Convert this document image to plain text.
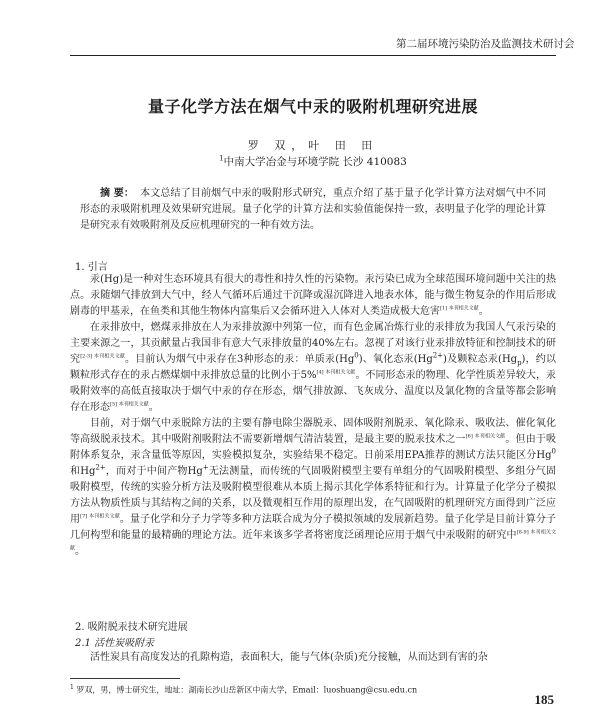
第二届环境污染防治及监测技术研讨会
量子化学方法在烟气中汞的吸附机理研究进展
罗 双，叶 田 田
$^1$中南大学冶金与环境学院 长沙 410083

摘 要： 本文总结了目前烟气中汞的吸附形式研究，重点介绍了基于量子化学计算方法对烟气中不同形态的汞吸附机理及效果研究进展。量子化学的计算方法和实验值能保持一致，表明量子化学的理论计算是研究汞有效吸附剂及反应机理研究的一种有效方法。

1. 引言

汞(Hg)是一种对生态环境具有很大的毒性和持久性的污染物。汞污染已成为全球范围环境问题中关注的热点。汞随烟气排放到大气中，经人气循环后通过干沉降或湿沉降进入地表水体，能与微生物复杂的作用后形成剧毒的甲基汞，在鱼类和其他生物体内富集后又会循环进入人体对人类造成极大危害$^{[1] 本刊相关文献}$。

在汞排放中，燃煤汞排放在人为汞排放源中列第一位，而有色金属冶炼行业的汞排放为我国人气汞污染的主要来源之一，其贡献量占我国非有意大气汞排放量的40%左右。忽视了对该行业汞排放特征和控制技术的研究$^{[2-3] 本刊相关文献}$。目前认为烟气中汞存在3种形态的汞：单质汞(Hg$^0$)、氧化态汞$(Hg^{2+})$及颗粒态汞$(Hg_p)$，约以颗粒形式存在的汞占燃煤烟中汞排放总量的比例小于5%$^{[4] 本刊相关文献}$。不同形态汞的物理、化学性质差异较大，汞吸附效率的高低直接取决于烟气中汞的存在形态，烟气排放源、飞灰成分、温度以及氯化物的含量等都会影响存在形态$^{[5] 本刊相关文献}$。

目前，对于烟气中汞脱除方法的主要有静电除尘器脱汞、固体吸附剂脱汞、氧化除汞、吸收法、催化氧化等高级脱汞技术。其中吸附剂吸附法不需要新增烟气清洁装置，是最主要的脱汞技术之一$^{[6] 本刊相关文献}$。但由于吸附体系复杂，汞含量低等原因，实验模拟复杂，实验结果不稳定。日前采用EPA推荐的测试方法只能区分Hg$^0$和$Hg^{2+}$，而对于中间产物Hg+无法测量，而传统的气固吸附模型主要有单组分的气固吸附模型、多组分气固吸附模型，传统的实验分析方法及吸附模型很难从本质上揭示其化学体系特征和行为。计算量子化学分子模拟方法从物质性质与其结构之间的关系，以及微观相互作用的原理出发，在气固吸附的机理研究方面得到广泛应用$^{[7] 本刊相关文献}$。量子化学和分子力学等多种方法联合成为分子模拟领域的发展新趋势。量子化学是目前计算分子几何构型和能量的最精确的理论方法。近年来该多学者将密度泛函理论应用于烟气中汞吸附的研究中$^{[8-9] 本刊相关文献}$。

2. 吸附脱汞技术研究进展
2.1 活性炭吸附汞

活性炭具有高度发达的孔隙构造，表面积大，能与气体(杂质)充分接触，从而达到有害的杂

$^1$ 罗双，男，博士研究生，地址：湖南长沙山岳新区中南大学，Email：luoshuang@csu.edu.cn
185
